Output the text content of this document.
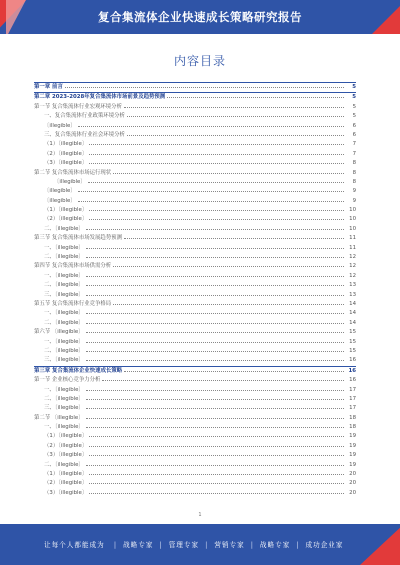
复合集流体企业快速成长策略研究报告
内容目录
第一章 前言	5
第二章 2023-2028年复合集流体市场前景及趋势预测	5
第一节 复合集流体行业宏观环境分析	5
一、复合集流体行业政策环境分析	5
〔illegible〕	6
三、复合集流体行业社会环境分析	6
（1）〔illegible〕	7
（2）〔illegible〕	7
（3）〔illegible〕	8
第二节 复合集流体市场运行现状	8
〔illegible〕	8
〔illegible〕	9
〔illegible〕	9
（1）〔illegible〕	10
（2）〔illegible〕	10
二、〔illegible〕	10
第三节 复合集流体市场发展趋势预测	11
一、〔illegible〕	11
二、〔illegible〕	12
第四节 复合集流体市场供需分析	12
一、〔illegible〕	12
二、〔illegible〕	13
三、〔illegible〕	13
第五节 复合集流体行业竞争格局	14
一、〔illegible〕	14
二、〔illegible〕	14
第六节 〔illegible〕	15
一、〔illegible〕	15
二、〔illegible〕	15
三、〔illegible〕	16
第三章 复合集流体企业快速成长策略	16
第一节 企业核心竞争力分析	16
一、〔illegible〕	17
二、〔illegible〕	17
三、〔illegible〕	17
第二节 〔illegible〕	18
一、〔illegible〕	18
（1）〔illegible〕	19
（2）〔illegible〕	19
（3）〔illegible〕	19
二、〔illegible〕	19
（1）〔illegible〕	20
（2）〔illegible〕	20
（3）〔illegible〕	20
1
让每个人都能成为 | 战略专家 | 管理专家 | 营销专家 | 战略专家 | 成功企业家
